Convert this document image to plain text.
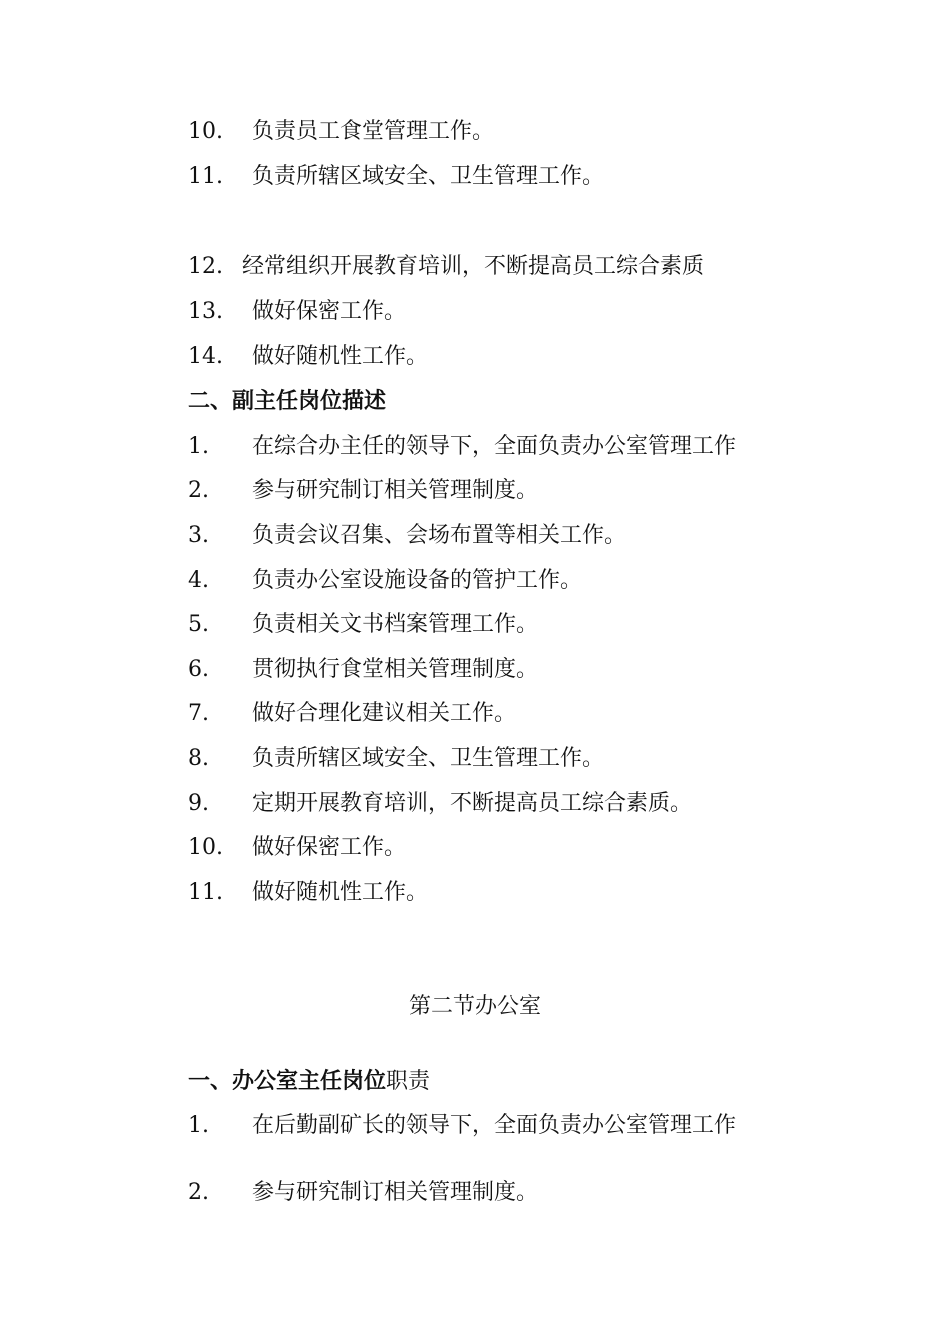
10. 负责员工食堂管理工作。
11. 负责所辖区域安全、卫生管理工作。
12. 经常组织开展教育培训，不断提高员工综合素质
13. 做好保密工作。
14. 做好随机性工作。
二、副主任岗位描述
1. 在综合办主任的领导下，全面负责办公室管理工作
2. 参与研究制订相关管理制度。
3. 负责会议召集、会场布置等相关工作。
4. 负责办公室设施设备的管护工作。
5. 负责相关文书档案管理工作。
6. 贯彻执行食堂相关管理制度。
7. 做好合理化建议相关工作。
8. 负责所辖区域安全、卫生管理工作。
9. 定期开展教育培训，不断提高员工综合素质。
10. 做好保密工作。
11. 做好随机性工作。
第二节办公室
一、办公室主任岗位职责
1. 在后勤副矿长的领导下，全面负责办公室管理工作
2. 参与研究制订相关管理制度。
